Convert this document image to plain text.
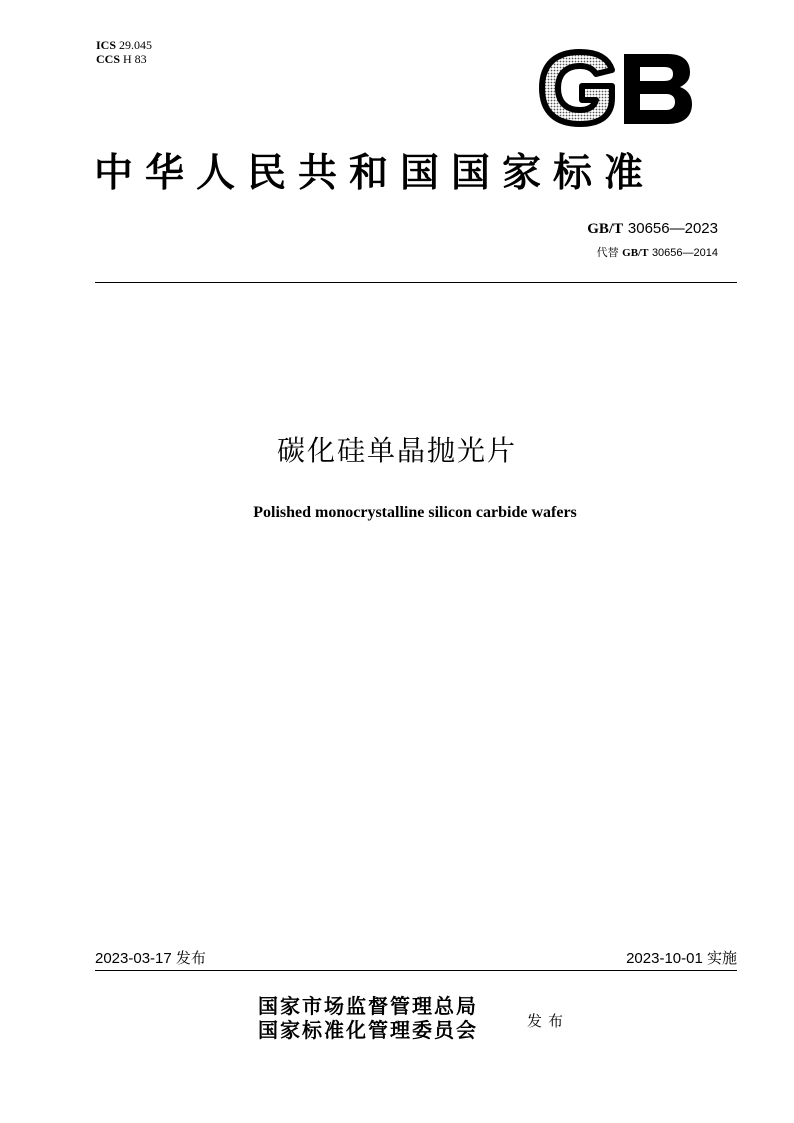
ICS 29.045
CCS H 83
GB
中华人民共和国国家标准
GB/T 30656—2023
代替 GB/T 30656—2014
碳化硅单晶抛光片
Polished monocrystalline silicon carbide wafers
2023-03-17 发布	2023-10-01 实施
国家市场监督管理总局
国家标准化管理委员会	发布
